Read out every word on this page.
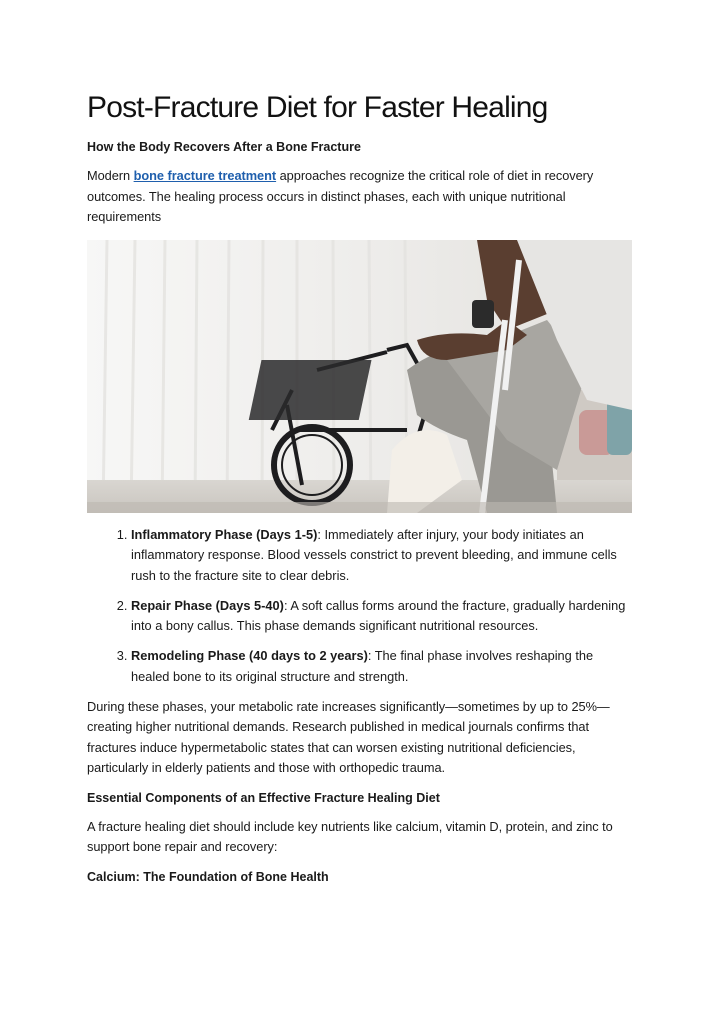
Post-Fracture Diet for Faster Healing
How the Body Recovers After a Bone Fracture

Modern bone fracture treatment approaches recognize the critical role of diet in recovery outcomes. The healing process occurs in distinct phases, each with unique nutritional requirements

1. Inflammatory Phase (Days 1-5): Immediately after injury, your body initiates an inflammatory response. Blood vessels constrict to prevent bleeding, and immune cells rush to the fracture site to clear debris.
2. Repair Phase (Days 5-40): A soft callus forms around the fracture, gradually hardening into a bony callus. This phase demands significant nutritional resources.
3. Remodeling Phase (40 days to 2 years): The final phase involves reshaping the healed bone to its original structure and strength.

During these phases, your metabolic rate increases significantly—sometimes by up to 25%—creating higher nutritional demands. Research published in medical journals confirms that fractures induce hypermetabolic states that can worsen existing nutritional deficiencies, particularly in elderly patients and those with orthopedic trauma.

Essential Components of an Effective Fracture Healing Diet

A fracture healing diet should include key nutrients like calcium, vitamin D, protein, and zinc to support bone repair and recovery:

Calcium: The Foundation of Bone Health
